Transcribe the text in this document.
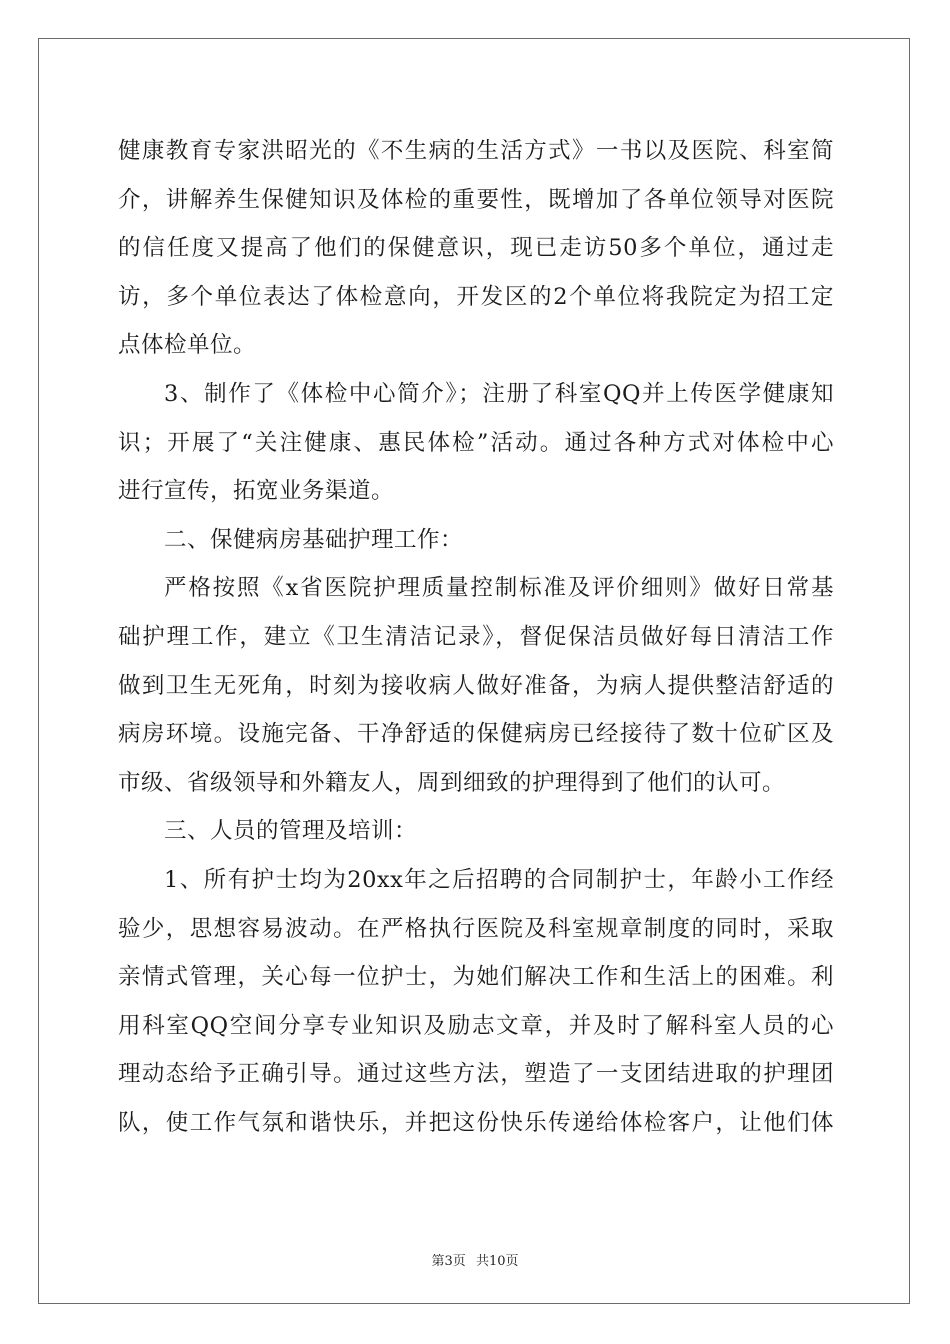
健康教育专家洪昭光的《不生病的生活方式》一书以及医院、科室简
介，讲解养生保健知识及体检的重要性，既增加了各单位领导对医院
的信任度又提高了他们的保健意识，现已走访50多个单位，通过走
访，多个单位表达了体检意向，开发区的2个单位将我院定为招工定
点体检单位。
3、制作了《体检中心简介》；注册了科室QQ并上传医学健康知
识；开展了“关注健康、惠民体检”活动。通过各种方式对体检中心
进行宣传，拓宽业务渠道。
二、保健病房基础护理工作：
严格按照《x省医院护理质量控制标准及评价细则》做好日常基
础护理工作，建立《卫生清洁记录》，督促保洁员做好每日清洁工作
做到卫生无死角，时刻为接收病人做好准备，为病人提供整洁舒适的
病房环境。设施完备、干净舒适的保健病房已经接待了数十位矿区及
市级、省级领导和外籍友人，周到细致的护理得到了他们的认可。
三、人员的管理及培训：
1、所有护士均为20xx年之后招聘的合同制护士，年龄小工作经
验少，思想容易波动。在严格执行医院及科室规章制度的同时，采取
亲情式管理，关心每一位护士，为她们解决工作和生活上的困难。利
用科室QQ空间分享专业知识及励志文章，并及时了解科室人员的心
理动态给予正确引导。通过这些方法，塑造了一支团结进取的护理团
队，使工作气氛和谐快乐，并把这份快乐传递给体检客户，让他们体
第3页 共10页
